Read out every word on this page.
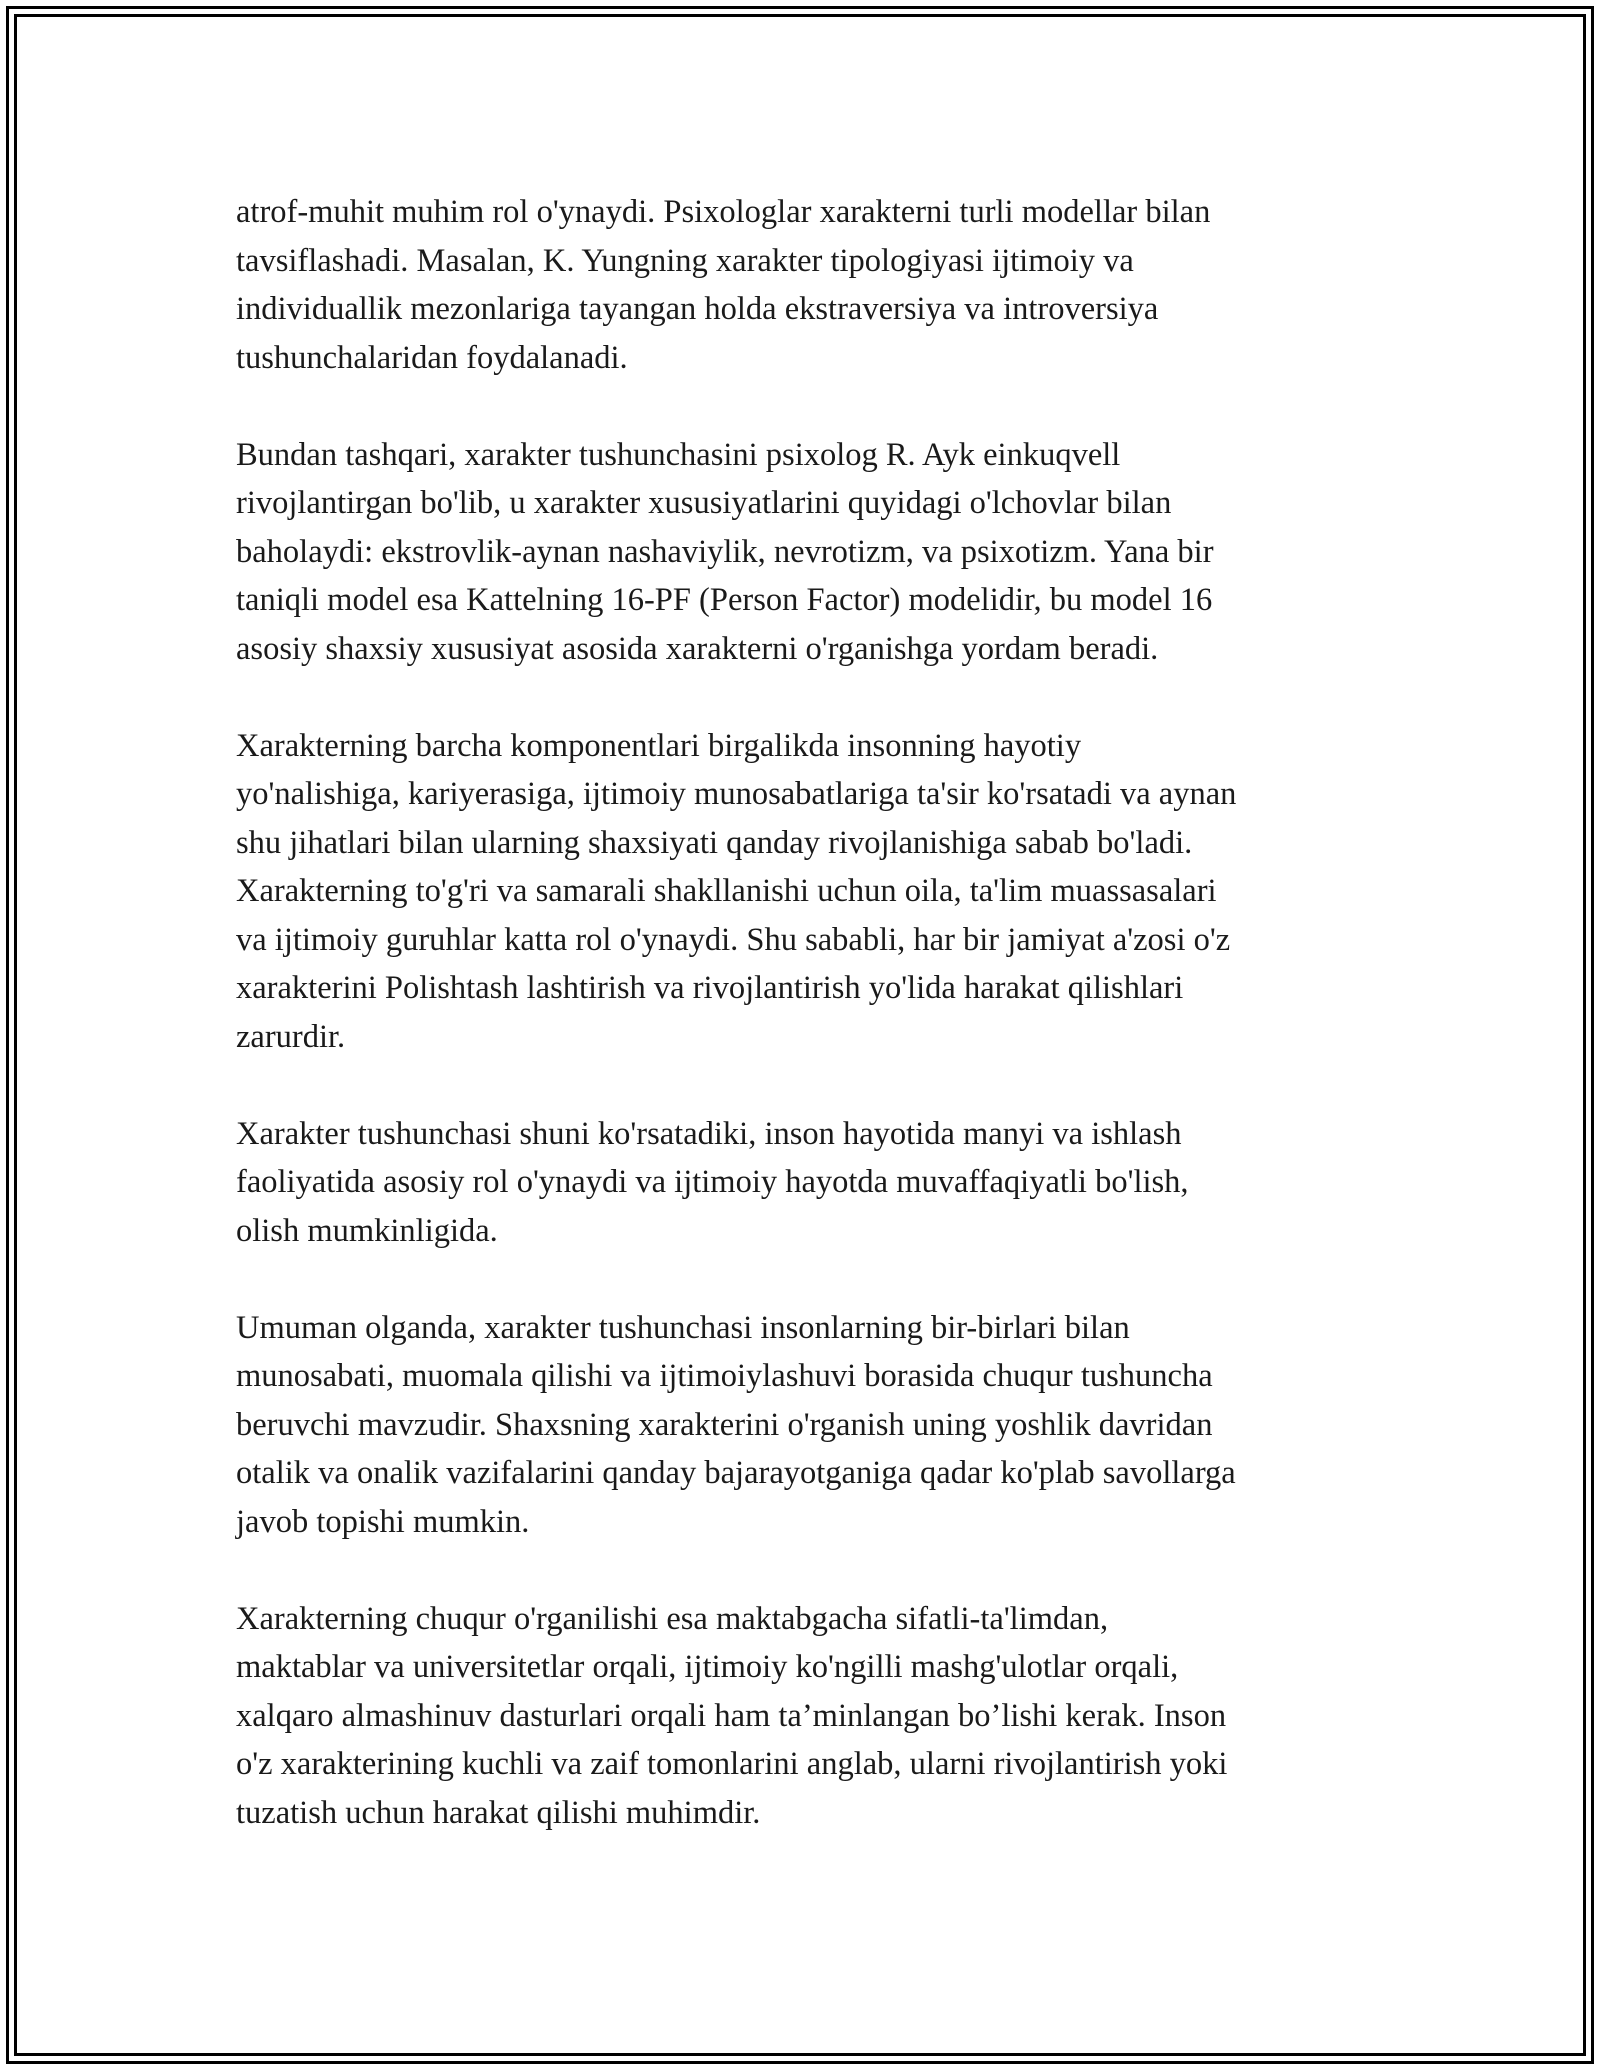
atrof-muhit muhim rol o'ynaydi. Psixologlar xarakterni turli modellar bilan
tavsiflashadi. Masalan, K. Yungning xarakter tipologiyasi ijtimoiy va
individuallik mezonlariga tayangan holda ekstraversiya va introversiya
tushunchalaridan foydalanadi.

Bundan tashqari, xarakter tushunchasini psixolog R. Ayk einkuqvell
rivojlantirgan bo'lib, u xarakter xususiyatlarini quyidagi o'lchovlar bilan
baholaydi: ekstrovlik-aynan nashaviylik, nevrotizm, va psixotizm. Yana bir
taniqli model esa Kattelning 16-PF (Person Factor) modelidir, bu model 16
asosiy shaxsiy xususiyat asosida xarakterni o'rganishga yordam beradi.

Xarakterning barcha komponentlari birgalikda insonning hayotiy
yo'nalishiga, kariyerasiga, ijtimoiy munosabatlariga ta'sir ko'rsatadi va aynan
shu jihatlari bilan ularning shaxsiyati qanday rivojlanishiga sabab bo'ladi.
Xarakterning to'g'ri va samarali shakllanishi uchun oila, ta'lim muassasalari
va ijtimoiy guruhlar katta rol o'ynaydi. Shu sababli, har bir jamiyat a'zosi o'z
xarakterini Polishtash lashtirish va rivojlantirish yo'lida harakat qilishlari
zarurdir.

Xarakter tushunchasi shuni ko'rsatadiki, inson hayotida manyi va ishlash
faoliyatida asosiy rol o'ynaydi va ijtimoiy hayotda muvaffaqiyatli bo'lish,
olish mumkinligida.

Umuman olganda, xarakter tushunchasi insonlarning bir-birlari bilan
munosabati, muomala qilishi va ijtimoiylashuvi borasida chuqur tushuncha
beruvchi mavzudir. Shaxsning xarakterini o'rganish uning yoshlik davridan
otalik va onalik vazifalarini qanday bajarayotganiga qadar ko'plab savollarga
javob topishi mumkin.

Xarakterning chuqur o'rganilishi esa maktabgacha sifatli-ta'limdan,
maktablar va universitetlar orqali, ijtimoiy ko'ngilli mashg'ulotlar orqali,
xalqaro almashinuv dasturlari orqali ham ta’minlangan bo’lishi kerak. Inson
o'z xarakterining kuchli va zaif tomonlarini anglab, ularni rivojlantirish yoki
tuzatish uchun harakat qilishi muhimdir.
